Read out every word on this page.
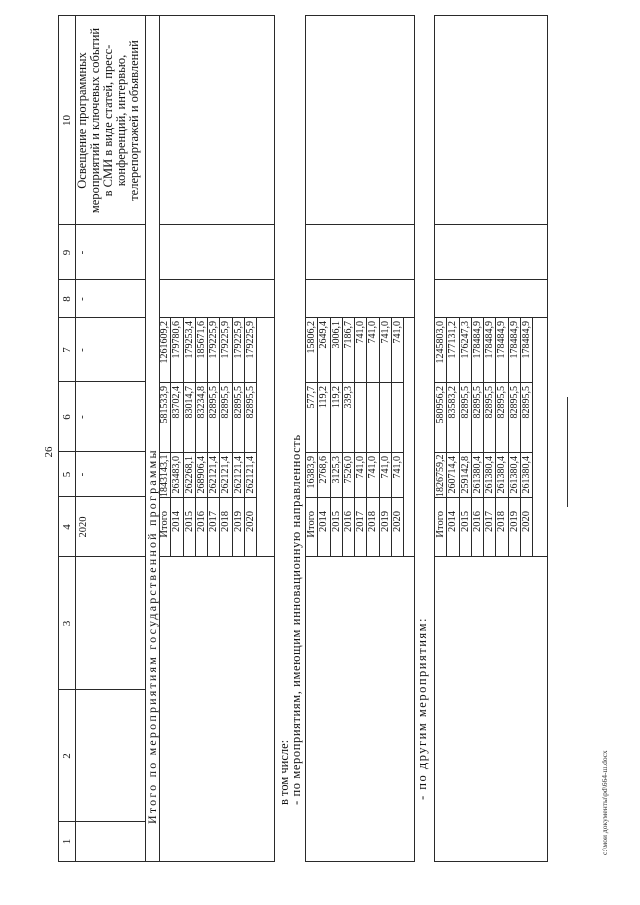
26
1
2
3
4
5
6
7
8
9
10
2020
-
-
-
-
-
Освещение программных мероприятий и ключевых событий в СМИ в виде статей, пресс- конференций, интервью, телерепортажей и объявлений
Итого по мероприятиям государственной программы Итого
1843143,1
581533,9
1261609,2
2014
263483,0
83702,4
179780,6
2015
262268,1
83014,7
179253,4
2016
268906,4
83234,8
185671,6
2017
262121,4
82895,5
179225,9
2018
262121,4
82895,5
179225,9
2019
262121,4
82895,5
179225,9
2020
262121,4
82895,5
179225,9
в том числе:
- по мероприятиям, имеющим инновационную направленность Итого
16383,9
577,7
15806,2
2014
2768,6
119,2
2649,4
2015
3125,3
119,2
3006,1
2016
7526,0
339,3
7186,7
2017
741,0
741,0
2018
741,0
741,0
2019
741,0
741,0
2020
741,0
741,0
- по другим мероприятиям:
Итого
1826759,2
580956,2
1245803,0
2014
260714,4
83583,2
177131,2
2015
259142,8
82895,5
176247,3
2016
261380,4
82895,5
178484,9
2017
261380,4
82895,5
178484,9
2018
261380,4
82895,5
178484,9
2019
261380,4
82895,5
178484,9
2020
261380,4
82895,5
178484,9
c:\мои документы\pd\664-ш.docx
